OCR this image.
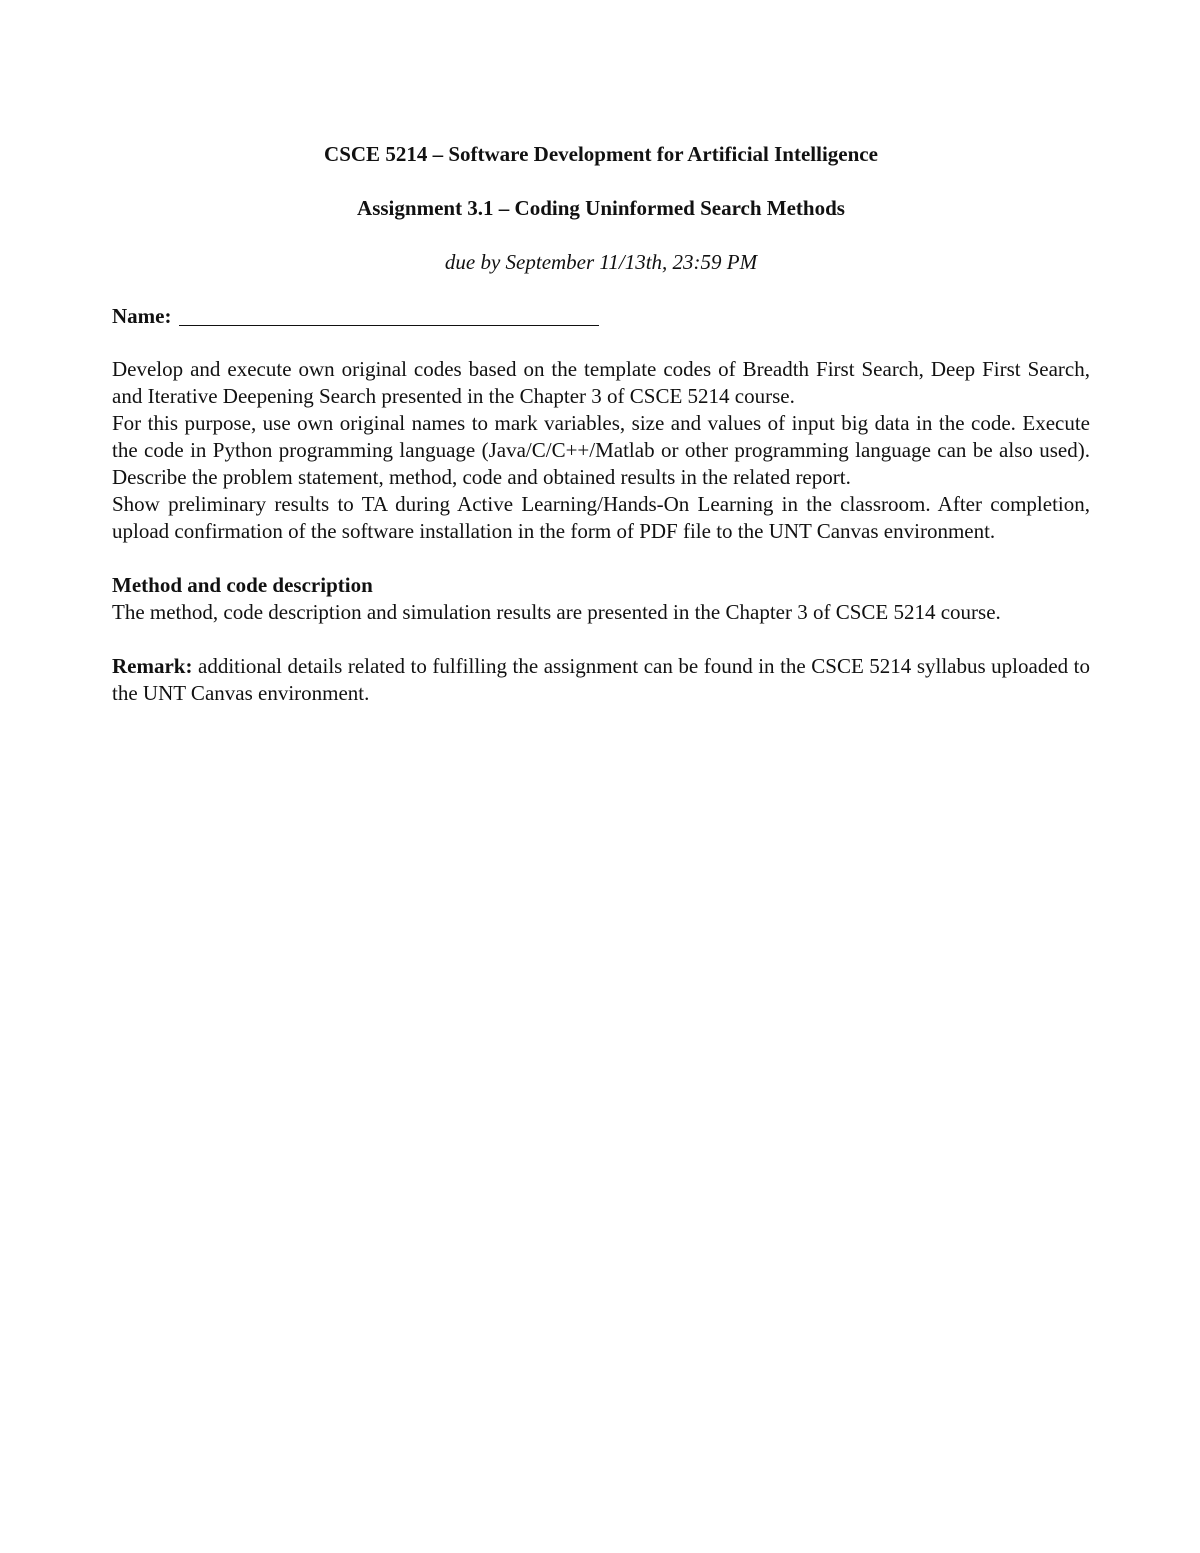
CSCE 5214 – Software Development for Artificial Intelligence

Assignment 3.1 – Coding Uninformed Search Methods

due by September 11/13th, 23:59 PM

Name:

Develop and execute own original codes based on the template codes of Breadth First Search, Deep First Search, and Iterative Deepening Search presented in the Chapter 3 of CSCE 5214 course.

For this purpose, use own original names to mark variables, size and values of input big data in the code. Execute the code in Python programming language (Java/C/C++/Matlab or other programming language can be also used). Describe the problem statement, method, code and obtained results in the related report.

Show preliminary results to TA during Active Learning/Hands-On Learning in the classroom. After completion, upload confirmation of the software installation in the form of PDF file to the UNT Canvas environment.

Method and code description

The method, code description and simulation results are presented in the Chapter 3 of CSCE 5214 course.

Remark: additional details related to fulfilling the assignment can be found in the CSCE 5214 syllabus uploaded to the UNT Canvas environment.
